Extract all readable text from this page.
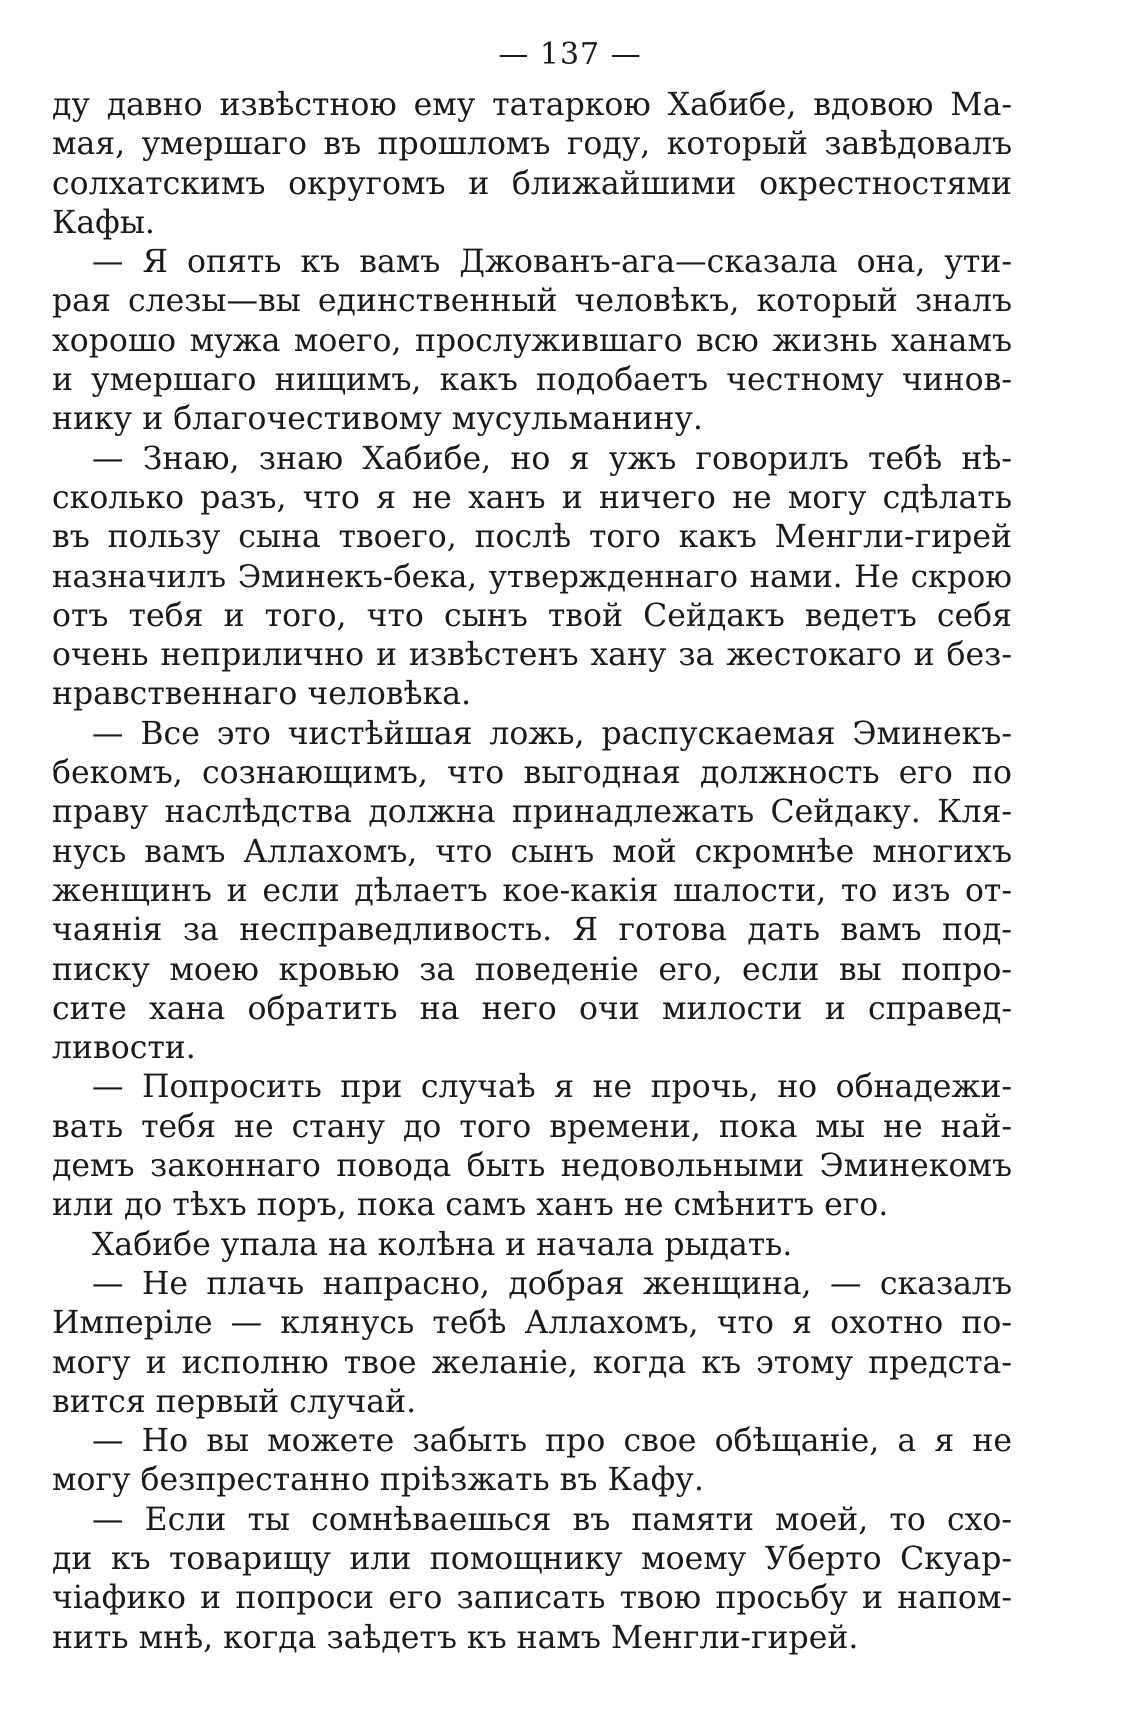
— 137 —
ду давно извѣстною ему татаркою Хабибе, вдовою Ма-
мая, умершаго въ прошломъ году, который завѣдовалъ
солхатскимъ округомъ и ближайшими окрестностями
Кафы.
— Я опять къ вамъ Джованъ-ага—сказала она, ути-
рая слезы—вы единственный человѣкъ, который зналъ
хорошо мужа моего, прослужившаго всю жизнь ханамъ
и умершаго нищимъ, какъ подобаетъ честному чинов-
нику и благочестивому мусульманину.
— Знаю, знаю Хабибе, но я ужъ говорилъ тебѣ нѣ-
сколько разъ, что я не ханъ и ничего не могу сдѣлать
въ пользу сына твоего, послѣ того какъ Менгли-гирей
назначилъ Эминекъ-бека, утвержденнаго нами. Не скрою
отъ тебя и того, что сынъ твой Сейдакъ ведетъ себя
очень неприлично и извѣстенъ хану за жестокаго и без-
нравственнаго человѣка.
— Все это чистѣйшая ложь, распускаемая Эминекъ-
бекомъ, сознающимъ, что выгодная должность его по
праву наслѣдства должна принадлежать Сейдаку. Кля-
нусь вамъ Аллахомъ, что сынъ мой скромнѣе многихъ
женщинъ и если дѣлаетъ кое-какія шалости, то изъ от-
чаянія за несправедливость. Я готова дать вамъ под-
писку моею кровью за поведеніе его, если вы попро-
сите хана обратить на него очи милости и справед-
ливости.
— Попросить при случаѣ я не прочь, но обнадежи-
вать тебя не стану до того времени, пока мы не най-
демъ законнаго повода быть недовольными Эминекомъ
или до тѣхъ поръ, пока самъ ханъ не смѣнитъ его.
Хабибе упала на колѣна и начала рыдать.
— Не плачь напрасно, добрая женщина, — сказалъ
Имперіле — клянусь тебѣ Аллахомъ, что я охотно по-
могу и исполню твое желаніе, когда къ этому предста-
вится первый случай.
— Но вы можете забыть про свое обѣщаніе, а я не
могу безпрестанно пріѣзжать въ Кафу.
— Если ты сомнѣваешься въ памяти моей, то схо-
ди къ товарищу или помощнику моему Уберто Скуар-
чіафико и попроси его записать твою просьбу и напом-
нить мнѣ, когда заѣдетъ къ намъ Менгли-гирей.
